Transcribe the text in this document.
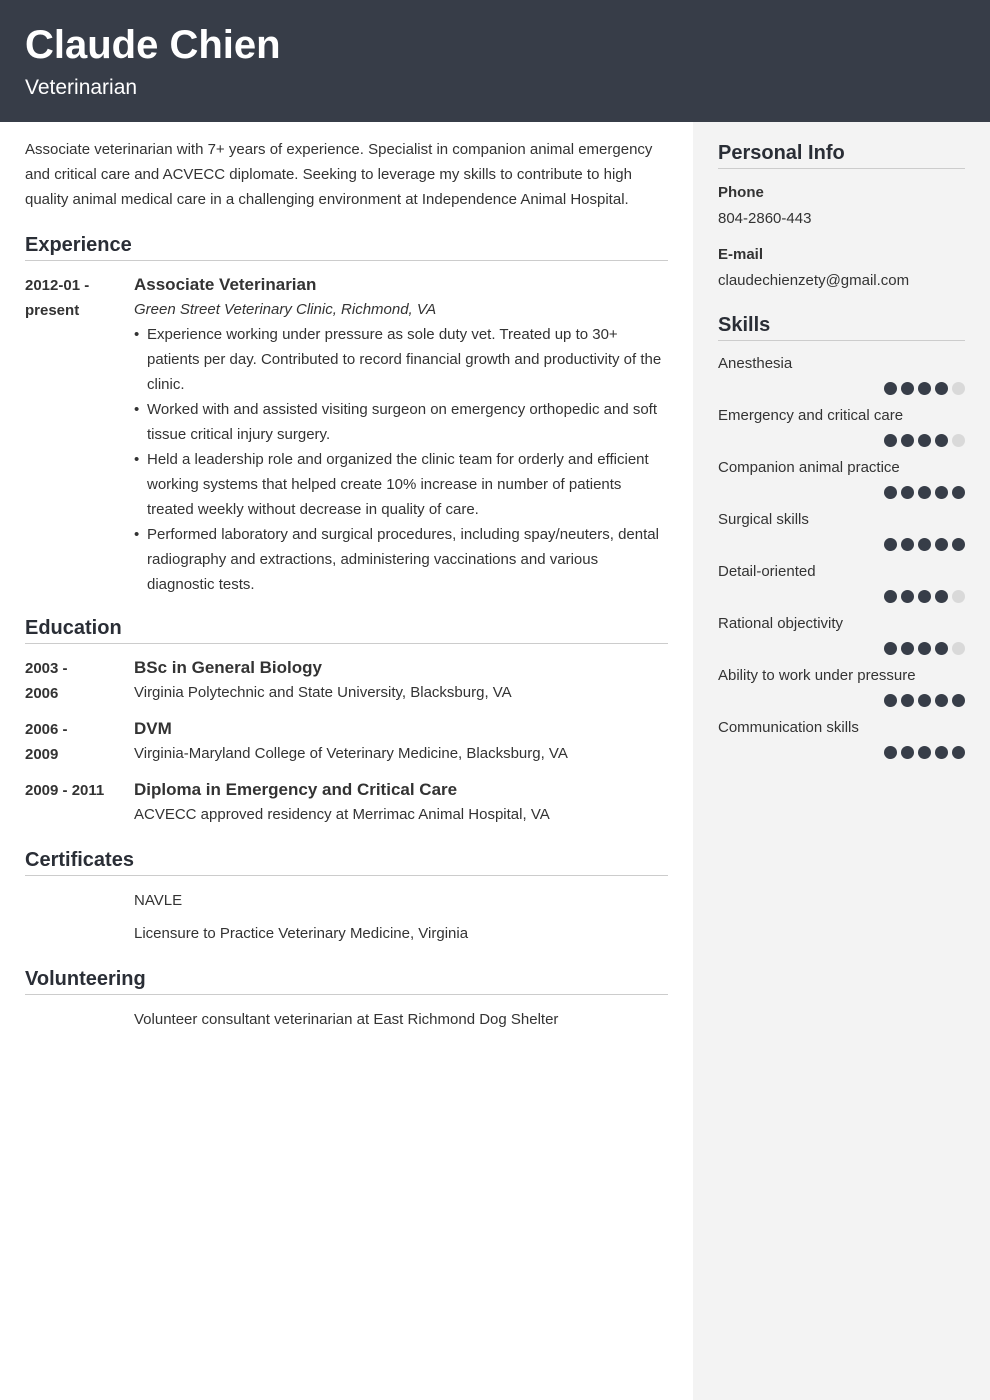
Claude Chien
Veterinarian

Associate veterinarian with 7+ years of experience. Specialist in companion animal emergency and critical care and ACVECC diplomate. Seeking to leverage my skills to contribute to high quality animal medical care in a challenging environment at Independence Animal Hospital.

Experience
2012-01 - present
Associate Veterinarian
Green Street Veterinary Clinic, Richmond, VA
• Experience working under pressure as sole duty vet. Treated up to 30+ patients per day. Contributed to record financial growth and productivity of the clinic.
• Worked with and assisted visiting surgeon on emergency orthopedic and soft tissue critical injury surgery.
• Held a leadership role and organized the clinic team for orderly and efficient working systems that helped create 10% increase in number of patients treated weekly without decrease in quality of care.
• Performed laboratory and surgical procedures, including spay/neuters, dental radiography and extractions, administering vaccinations and various diagnostic tests.
Education
2003 - 2006
BSc in General Biology
Virginia Polytechnic and State University, Blacksburg, VA
2006 - 2009
DVM
Virginia-Maryland College of Veterinary Medicine, Blacksburg, VA
2009 - 2011 Diploma in Emergency and Critical Care
ACVECC approved residency at Merrimac Animal Hospital, VA
Certificates
NAVLE
Licensure to Practice Veterinary Medicine, Virginia
Volunteering
Volunteer consultant veterinarian at East Richmond Dog Shelter
Personal Info
Phone
804-2860-443
E-mail
claudechienzety@gmail.com
Skills
Anesthesia
Emergency and critical care
Companion animal practice
Surgical skills
Detail-oriented
Rational objectivity
Ability to work under pressure
Communication skills
